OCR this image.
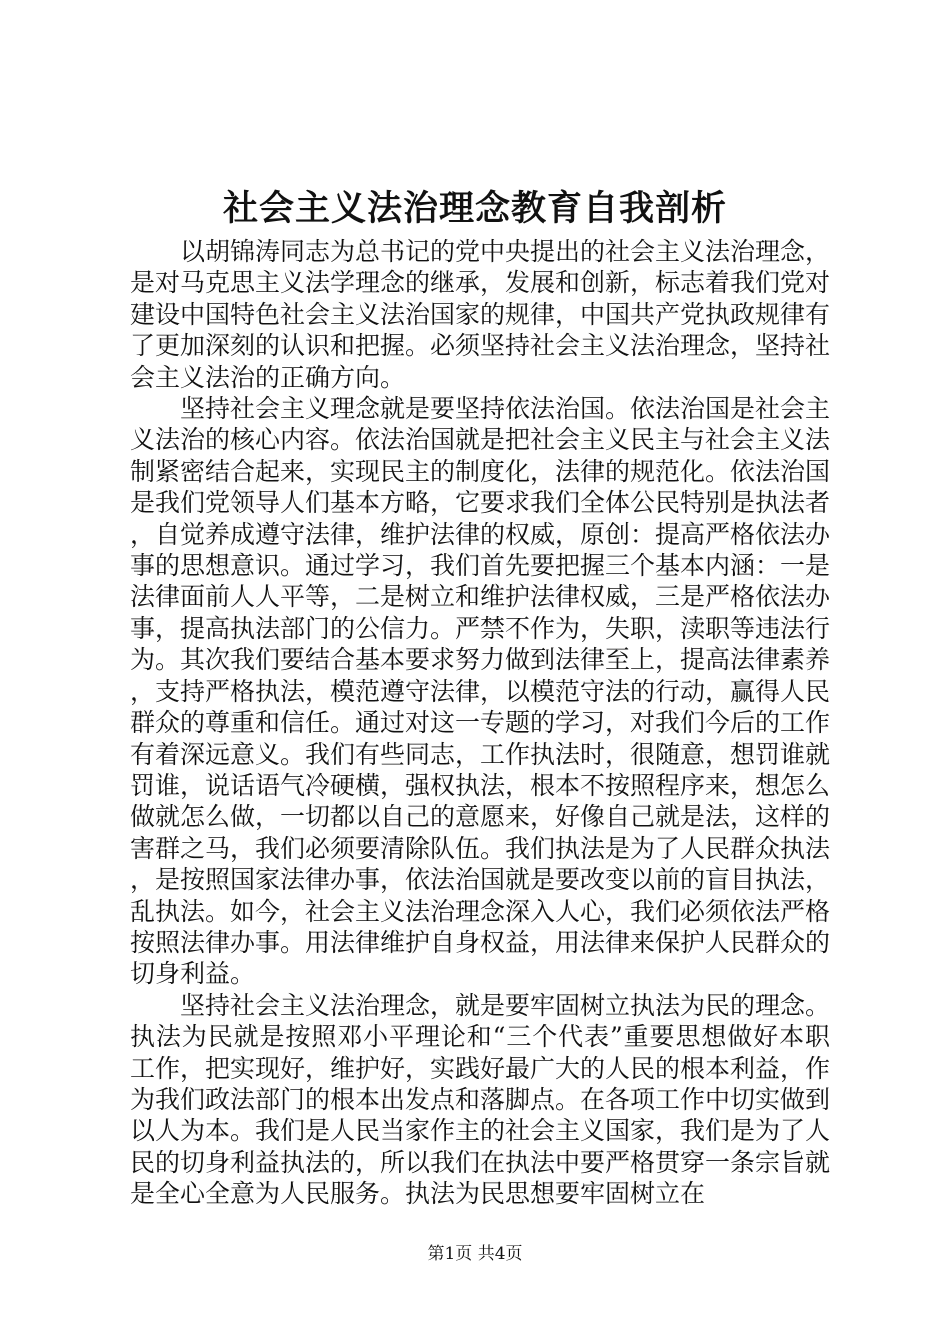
社会主义法治理念教育自我剖析

以胡锦涛同志为总书记的党中央提出的社会主义法治理念，是对马克思主义法学理念的继承，发展和创新，标志着我们党对建设中国特色社会主义法治国家的规律，中国共产党执政规律有了更加深刻的认识和把握。必须坚持社会主义法治理念，坚持社会主义法治的正确方向。

坚持社会主义理念就是要坚持依法治国。依法治国是社会主义法治的核心内容。依法治国就是把社会主义民主与社会主义法制紧密结合起来，实现民主的制度化，法律的规范化。依法治国是我们党领导人们基本方略，它要求我们全体公民特别是执法者，自觉养成遵守法律，维护法律的权威，原创：提高严格依法办事的思想意识。通过学习，我们首先要把握三个基本内涵：一是法律面前人人平等，二是树立和维护法律权威，三是严格依法办事，提高执法部门的公信力。严禁不作为，失职，渎职等违法行为。其次我们要结合基本要求努力做到法律至上，提高法律素养，支持严格执法，模范遵守法律，以模范守法的行动，赢得人民群众的尊重和信任。通过对这一专题的学习，对我们今后的工作有着深远意义。我们有些同志，工作执法时，很随意，想罚谁就罚谁，说话语气冷硬横，强权执法，根本不按照程序来，想怎么做就怎么做，一切都以自己的意愿来，好像自己就是法，这样的害群之马，我们必须要清除队伍。我们执法是为了人民群众执法，是按照国家法律办事，依法治国就是要改变以前的盲目执法，乱执法。如今，社会主义法治理念深入人心，我们必须依法严格按照法律办事。用法律维护自身权益，用法律来保护人民群众的切身利益。

坚持社会主义法治理念，就是要牢固树立执法为民的理念。执法为民就是按照邓小平理论和“三个代表”重要思想做好本职工作，把实现好，维护好，实践好最广大的人民的根本利益，作为我们政法部门的根本出发点和落脚点。在各项工作中切实做到以人为本。我们是人民当家作主的社会主义国家，我们是为了人民的切身利益执法的，所以我们在执法中要严格贯穿一条宗旨就是全心全意为人民服务。执法为民思想要牢固树立在

第1页 共4页
